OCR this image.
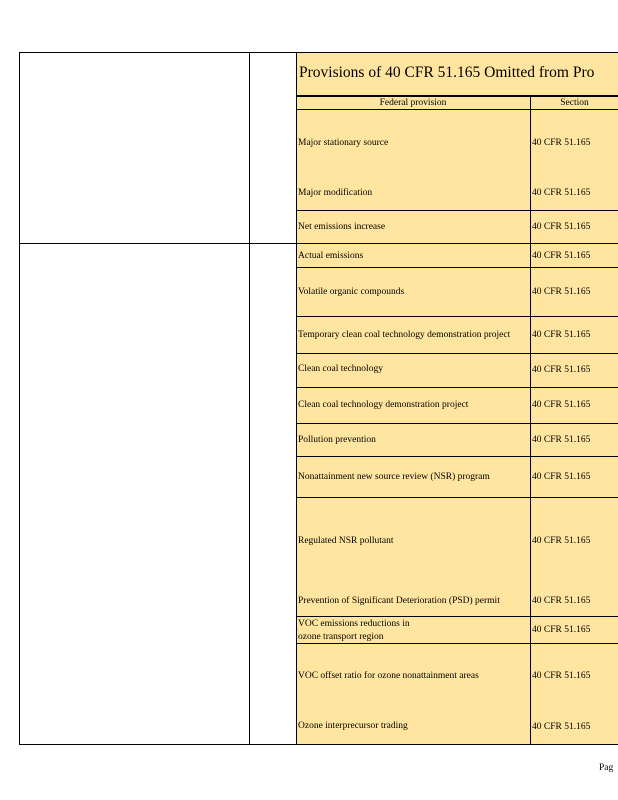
Provisions of 40 CFR 51.165 Omitted from Pro
Federal provision	Section
Major stationary source	40 CFR 51.165
Major modification	40 CFR 51.165
Net emissions increase	40 CFR 51.165
Actual emissions	40 CFR 51.165
Volatile organic compounds	40 CFR 51.165
Temporary clean coal technology demonstration project	40 CFR 51.165
Clean coal technology	40 CFR 51.165
Clean coal technology demonstration project	40 CFR 51.165
Pollution prevention	40 CFR 51.165
Nonattainment new source review (NSR) program	40 CFR 51.165
Regulated NSR pollutant	40 CFR 51.165
Prevention of Significant Deterioration (PSD) permit	40 CFR 51.165
VOC emissions reductions in
ozone transport region
40 CFR 51.165
VOC offset ratio for ozone nonattainment areas	40 CFR 51.165
Ozone interprecursor trading	40 CFR 51.165
Pag
